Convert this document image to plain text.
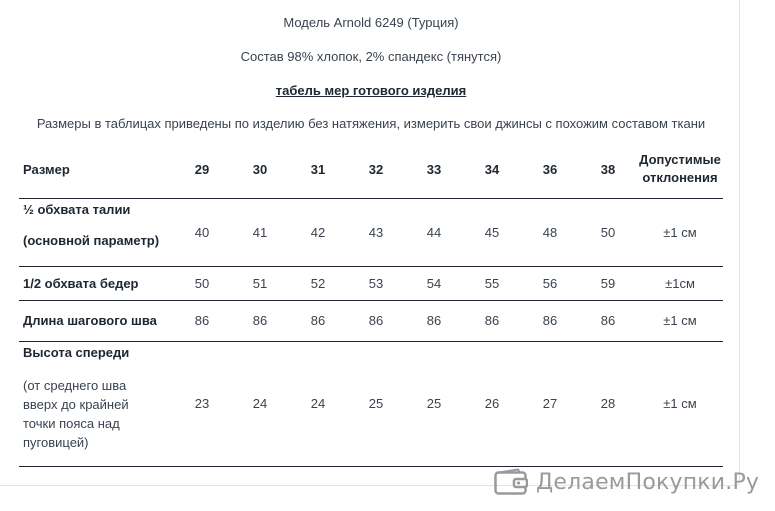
Модель Arnold 6249 (Турция)
Состав 98% хлопок, 2% спандекс (тянутся)
табель мер готового изделия
Размеры в таблицах приведены по изделию без натяжения, измерить свои джинсы с похожим составом ткани
Размер	29	30	31	32	33	34	36	38	Допустимые
отклонения

½ обхвата талии
(основной параметр)	40	41	42	43	44	45	48	50	±1 см
1/2 обхвата бедер	50	51	52	53	54	55	56	59	±1см
Длина шагового шва	86	86	86	86	86	86	86	86	±1 см

Высота спереди
(от среднего шва вверх до крайней точки пояса над пуговицей)	23	24	24	25	25	26	27	28	±1 см
ДелаемПокупки.Ру
